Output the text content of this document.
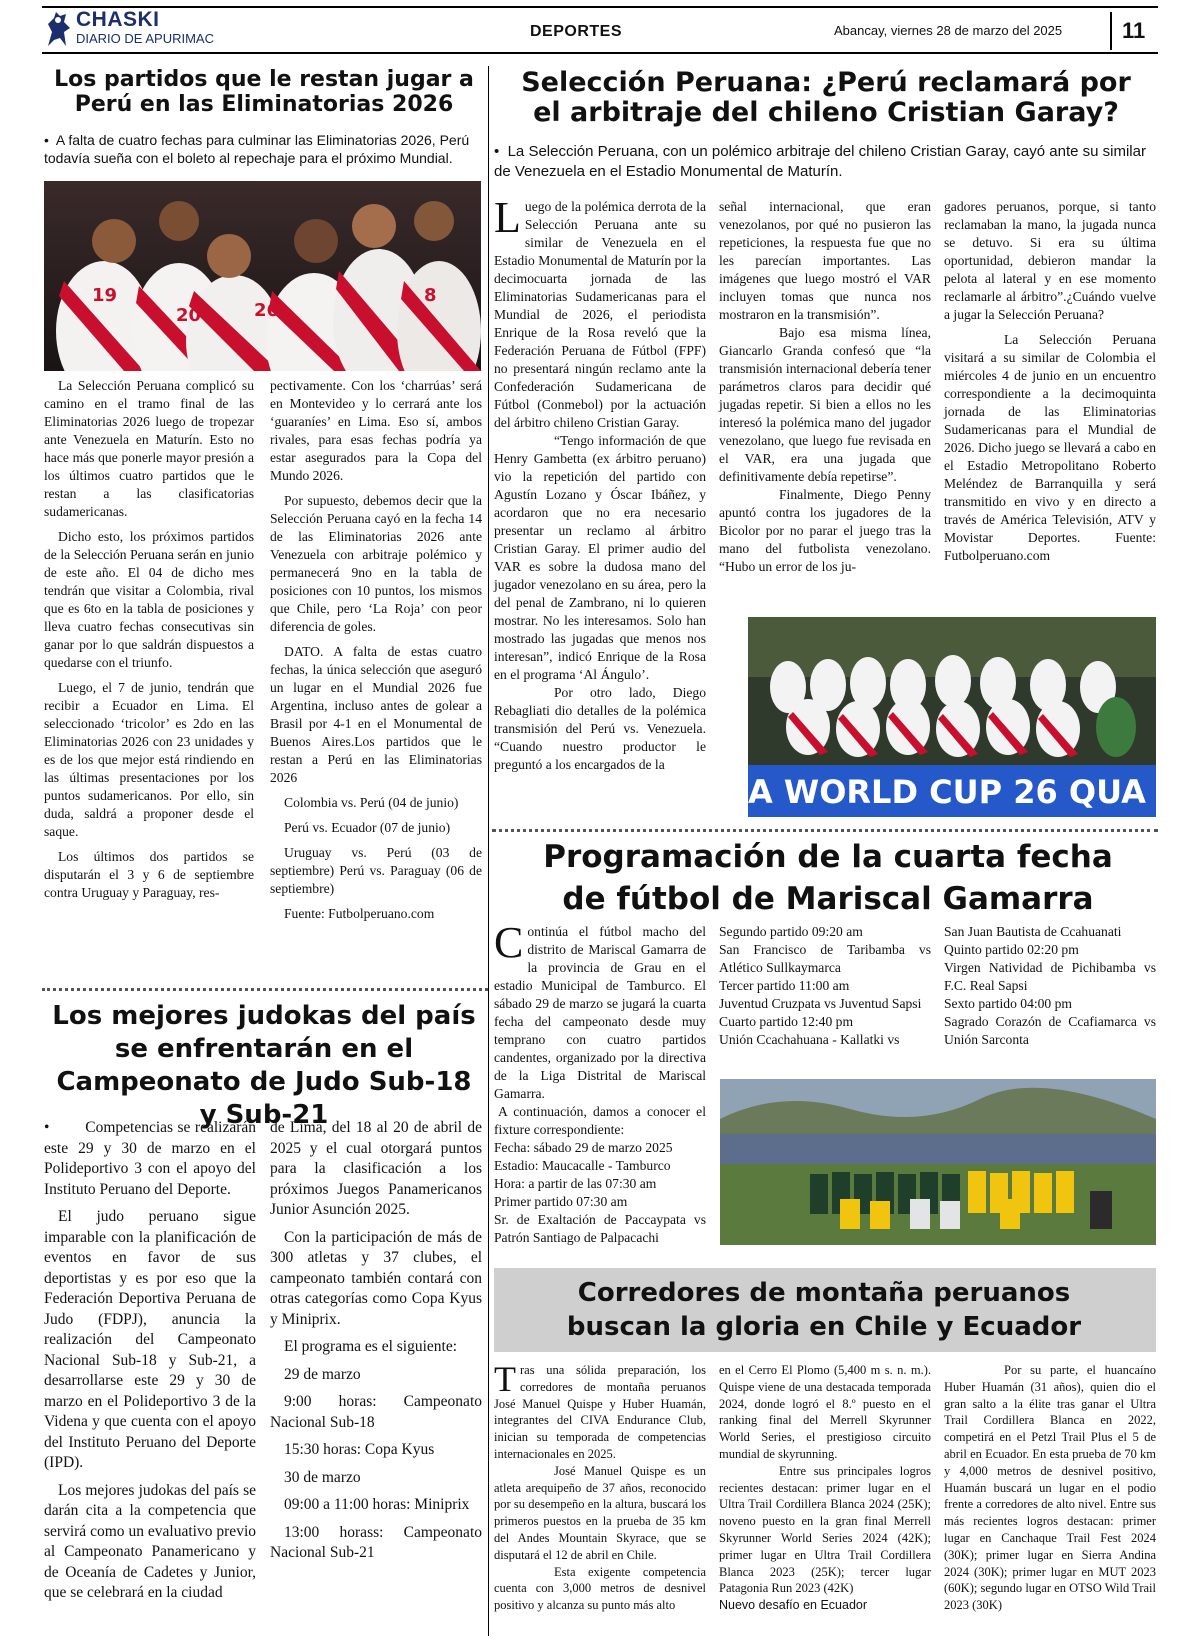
CHASKI
DIARIO DE APURIMAC	DEPORTES	Abancay, viernes 28 de marzo del 2025	11
Los partidos que le restan jugar a Perú en las Eliminatorias 2026
•  A falta de cuatro fechas para culminar las Eliminatorias 2026, Perú todavía sueña con el boleto al repechaje para el próximo Mundial.
19
20	26
8

La Selección Peruana complicó su camino en el tramo final de las Eliminatorias 2026 luego de tropezar ante Venezuela en Maturín. Esto no hace más que ponerle mayor presión a los últimos cuatro partidos que le restan a las clasificatorias sudamericanas.

Dicho esto, los próximos partidos de la Selección Peruana serán en junio de este año. El 04 de dicho mes tendrán que visitar a Colombia, rival que es 6to en la tabla de posiciones y lleva cuatro fechas consecutivas sin ganar por lo que saldrán dispuestos a quedarse con el triunfo.

Luego, el 7 de junio, tendrán que recibir a Ecuador en Lima. El seleccionado ‘tricolor’ es 2do en las Eliminatorias 2026 con 23 unidades y es de los que mejor está rindiendo en las últimas presentaciones por los puntos sudamericanos. Por ello, sin duda, saldrá a proponer desde el saque.

Los últimos dos partidos se disputarán el 3 y 6 de septiembre contra Uruguay y Paraguay, res-

pectivamente. Con los ‘charrúas’ será en Montevideo y lo cerrará ante los ‘guaraníes’ en Lima. Eso sí, ambos rivales, para esas fechas podría ya estar asegurados para la Copa del Mundo 2026.

Por supuesto, debemos decir que la Selección Peruana cayó en la fecha 14 de las Eliminatorias 2026 ante Venezuela con arbitraje polémico y permanecerá 9no en la tabla de posiciones con 10 puntos, los mismos que Chile, pero ‘La Roja’ con peor diferencia de goles.

DATO. A falta de estas cuatro fechas, la única selección que aseguró un lugar en el Mundial 2026 fue Argentina, incluso antes de golear a Brasil por 4-1 en el Monumental de Buenos Aires.Los partidos que le restan a Perú en las Eliminatorias 2026

Colombia vs. Perú (04 de junio)

Perú vs. Ecuador (07 de junio)

Uruguay vs. Perú (03 de septiembre) Perú vs. Paraguay (06 de septiembre)

Fuente: Futbolperuano.com

Selección Peruana: ¿Perú reclamará por el arbitraje del chileno Cristian Garay?
•  La Selección Peruana, con un polémico arbitraje del chileno Cristian Garay, cayó ante su similar de Venezuela en el Estadio Monumental de Maturín.

Luego de la polémica derrota de la Selección Peruana ante su similar de Venezuela en el Estadio Monumental de Maturín por la decimocuarta jornada de las Eliminatorias Sudamericanas para el Mundial de 2026, el periodista Enrique de la Rosa reveló que la Federación Peruana de Fútbol (FPF) no presentará ningún reclamo ante la Confederación Sudamericana de Fútbol (Conmebol) por la actuación del árbitro chileno Cristian Garay.

“Tengo información de que Henry Gambetta (ex árbitro peruano) vio la repetición del partido con Agustín Lozano y Óscar Ibáñez, y acordaron que no era necesario presentar un reclamo al árbitro Cristian Garay. El primer audio del VAR es sobre la dudosa mano del jugador venezolano en su área, pero la del penal de Zambrano, ni lo quieren mostrar. No les interesamos. Solo han mostrado las jugadas que menos nos interesan”, indicó Enrique de la Rosa en el programa ‘Al Ángulo’.

Por otro lado, Diego Rebagliati dio detalles de la polémica transmisión del Perú vs. Venezuela. “Cuando nuestro productor le preguntó a los encargados de la

señal internacional, que eran venezolanos, por qué no pusieron las repeticiones, la respuesta fue que no les parecían importantes. Las imágenes que luego mostró el VAR incluyen tomas que nunca nos mostraron en la transmisión”.

Bajo esa misma línea, Giancarlo Granda confesó que “la transmisión internacional debería tener parámetros claros para decidir qué jugadas repetir. Si bien a ellos no les interesó la polémica mano del jugador venezolano, que luego fue revisada en el VAR, era una jugada que definitivamente debía repetirse”.

Finalmente, Diego Penny apuntó contra los jugadores de la Bicolor por no parar el juego tras la mano del futbolista venezolano. “Hubo un error de los ju-

gadores peruanos, porque, si tanto reclamaban la mano, la jugada nunca se detuvo. Si era su última oportunidad, debieron mandar la pelota al lateral y en ese momento reclamarle al árbitro”.¿Cuándo vuelve a jugar la Selección Peruana?

La Selección Peruana visitará a su similar de Colombia el miércoles 4 de junio en un encuentro correspondiente a la decimoquinta jornada de las Eliminatorias Sudamericanas para el Mundial de 2026. Dicho juego se llevará a cabo en el Estadio Metropolitano Roberto Meléndez de Barranquilla y será transmitido en vivo y en directo a través de América Televisión, ATV y Movistar Deportes. Fuente: Futbolperuano.com

A WORLD CUP 26 QUA
Los mejores judokas del país se enfrentarán en el Campeonato de Judo Sub-18 y Sub-21

•        Competencias se realizarán este 29 y 30 de marzo en el Polideportivo 3 con el apoyo del Instituto Peruano del Deporte.

El judo peruano sigue imparable con la planificación de eventos en favor de sus deportistas y es por eso que la Federación Deportiva Peruana de Judo (FDPJ), anuncia la realización del Campeonato Nacional Sub-18 y Sub-21, a desarrollarse este 29 y 30 de marzo en el Polideportivo 3 de la Videna y que cuenta con el apoyo del Instituto Peruano del Deporte (IPD).

Los mejores judokas del país se darán cita a la competencia que servirá como un evaluativo previo al Campeonato Panamericano y de Oceanía de Cadetes y Junior, que se celebrará en la ciudad

de Lima, del 18 al 20 de abril de 2025 y el cual otorgará puntos para la clasificación a los próximos Juegos Panamericanos Junior Asunción 2025.

Con la participación de más de 300 atletas y 37 clubes, el campeonato también contará con otras categorías como Copa Kyus y Miniprix.

El programa es el siguiente:

29 de marzo

9:00 horas: Campeonato Nacional Sub-18

15:30 horas: Copa Kyus

30 de marzo

09:00 a 11:00 horas: Miniprix

13:00 horass: Campeonato Nacional Sub-21

Programación de la cuarta fecha de fútbol de Mariscal Gamarra

Continúa el fútbol macho del distrito de Mariscal Gamarra de la provincia de Grau en el estadio Municipal de Tamburco. El sábado 29 de marzo se jugará la cuarta fecha del campeonato desde muy temprano con cuatro partidos candentes, organizado por la directiva de la Liga Distrital de Mariscal Gamarra.

A continuación, damos a conocer el fixture correspondiente:

Fecha: sábado 29 de marzo 2025

Estadio: Maucacalle - Tamburco

Hora: a partir de las 07:30 am

Primer partido 07:30 am

Sr. de Exaltación de Paccaypata vs Patrón Santiago de Palpacachi

Segundo partido 09:20 am

San Francisco de Taribamba vs Atlético Sullkaymarca

Tercer partido 11:00 am

Juventud Cruzpata vs Juventud Sapsi

Cuarto partido 12:40 pm

Unión Ccachahuana - Kallatki vs

San Juan Bautista de Ccahuanati

Quinto partido 02:20 pm

Virgen Natividad de Pichibamba vs F.C. Real Sapsi

Sexto partido 04:00 pm

Sagrado Corazón de Ccafiamarca vs Unión Sarconta

Corredores de montaña peruanos buscan la gloria en Chile y Ecuador

Tras una sólida preparación, los corredores de montaña peruanos José Manuel Quispe y Huber Huamán, integrantes del CIVA Endurance Club, inician su temporada de competencias internacionales en 2025.

José Manuel Quispe es un atleta arequipeño de 37 años, reconocido por su desempeño en la altura, buscará los primeros puestos en la prueba de 35 km del Andes Mountain Skyrace, que se disputará el 12 de abril en Chile.

Esta exigente competencia cuenta con 3,000 metros de desnivel positivo y alcanza su punto más alto

en el Cerro El Plomo (5,400 m s. n. m.). Quispe viene de una destacada temporada 2024, donde logró el 8.º puesto en el ranking final del Merrell Skyrunner World Series, el prestigioso circuito mundial de skyrunning.

Entre sus principales logros recientes destacan: primer lugar en el Ultra Trail Cordillera Blanca 2024 (25K); noveno puesto en la gran final Merrell Skyrunner World Series 2024 (42K); primer lugar en Ultra Trail Cordillera Blanca 2023 (25K); tercer lugar Patagonia Run 2023 (42K)

Nuevo desafío en Ecuador

Por su parte, el huancaíno Huber Huamán (31 años), quien dio el gran salto a la élite tras ganar el Ultra Trail Cordillera Blanca en 2022, competirá en el Petzl Trail Plus el 5 de abril en Ecuador. En esta prueba de 70 km y 4,000 metros de desnivel positivo, Huamán buscará un lugar en el podio frente a corredores de alto nivel. Entre sus más recientes logros destacan: primer lugar en Canchaque Trail Fest 2024 (30K); primer lugar en Sierra Andina 2024 (30K); primer lugar en MUT 2023 (60K); segundo lugar en OTSO Wild Trail 2023 (30K)
